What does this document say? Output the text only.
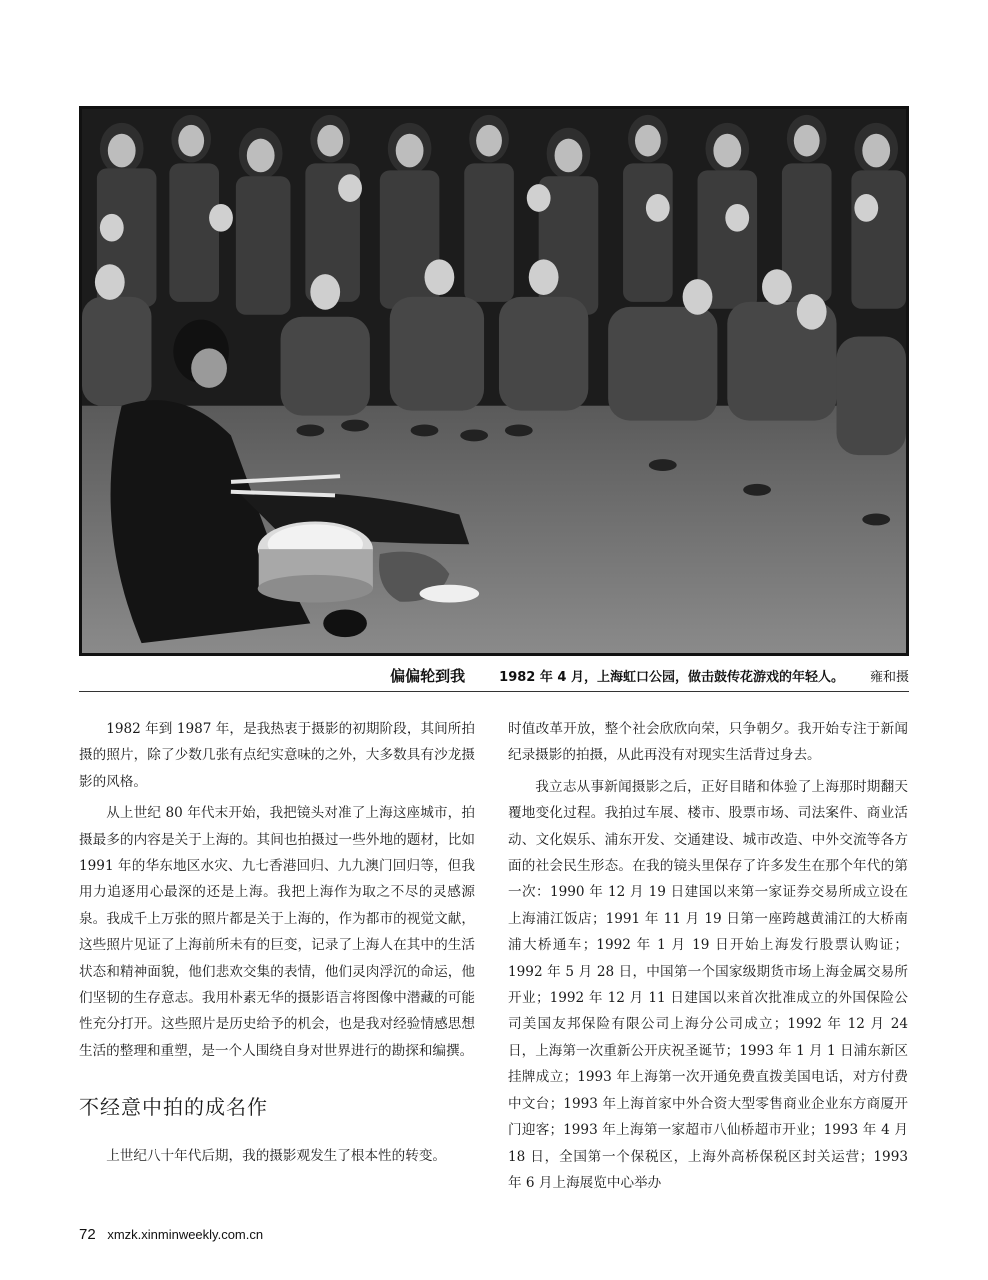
偏偏轮到我	1982 年 4 月，上海虹口公园，做击鼓传花游戏的年轻人。 雍和摄

1982 年到 1987 年，是我热衷于摄影的初期阶段，其间所拍摄的照片，除了少数几张有点纪实意味的之外，大多数具有沙龙摄影的风格。

从上世纪 80 年代末开始，我把镜头对准了上海这座城市，拍摄最多的内容是关于上海的。其间也拍摄过一些外地的题材，比如 1991 年的华东地区水灾、九七香港回归、九九澳门回归等，但我用力追逐用心最深的还是上海。我把上海作为取之不尽的灵感源泉。我成千上万张的照片都是关于上海的，作为都市的视觉文献，这些照片见证了上海前所未有的巨变，记录了上海人在其中的生活状态和精神面貌，他们悲欢交集的表情，他们灵肉浮沉的命运，他们坚韧的生存意志。我用朴素无华的摄影语言将图像中潜藏的可能性充分打开。这些照片是历史给予的机会，也是我对经验情感思想生活的整理和重塑，是一个人围绕自身对世界进行的勘探和编撰。

不经意中拍的成名作

上世纪八十年代后期，我的摄影观发生了根本性的转变。

时值改革开放，整个社会欣欣向荣，只争朝夕。我开始专注于新闻纪录摄影的拍摄，从此再没有对现实生活背过身去。

我立志从事新闻摄影之后，正好目睹和体验了上海那时期翻天覆地变化过程。我拍过车展、楼市、股票市场、司法案件、商业活动、文化娱乐、浦东开发、交通建设、城市改造、中外交流等各方面的社会民生形态。在我的镜头里保存了许多发生在那个年代的第一次：1990 年 12 月 19 日建国以来第一家证券交易所成立设在上海浦江饭店；1991 年 11 月 19 日第一座跨越黄浦江的大桥南浦大桥通车；1992 年 1 月 19 日开始上海发行股票认购证；1992 年 5 月 28 日，中国第一个国家级期货市场上海金属交易所开业；1992 年 12 月 11 日建国以来首次批准成立的外国保险公司美国友邦保险有限公司上海分公司成立；1992 年 12 月 24 日，上海第一次重新公开庆祝圣诞节；1993 年 1 月 1 日浦东新区挂牌成立；1993 年上海第一次开通免费直拨美国电话，对方付费中文台；1993 年上海首家中外合资大型零售商业企业东方商厦开门迎客；1993 年上海第一家超市八仙桥超市开业；1993 年 4 月 18 日，全国第一个保税区，上海外高桥保税区封关运营；1993 年 6 月上海展览中心举办

72 xmzk.xinminweekly.com.cn
